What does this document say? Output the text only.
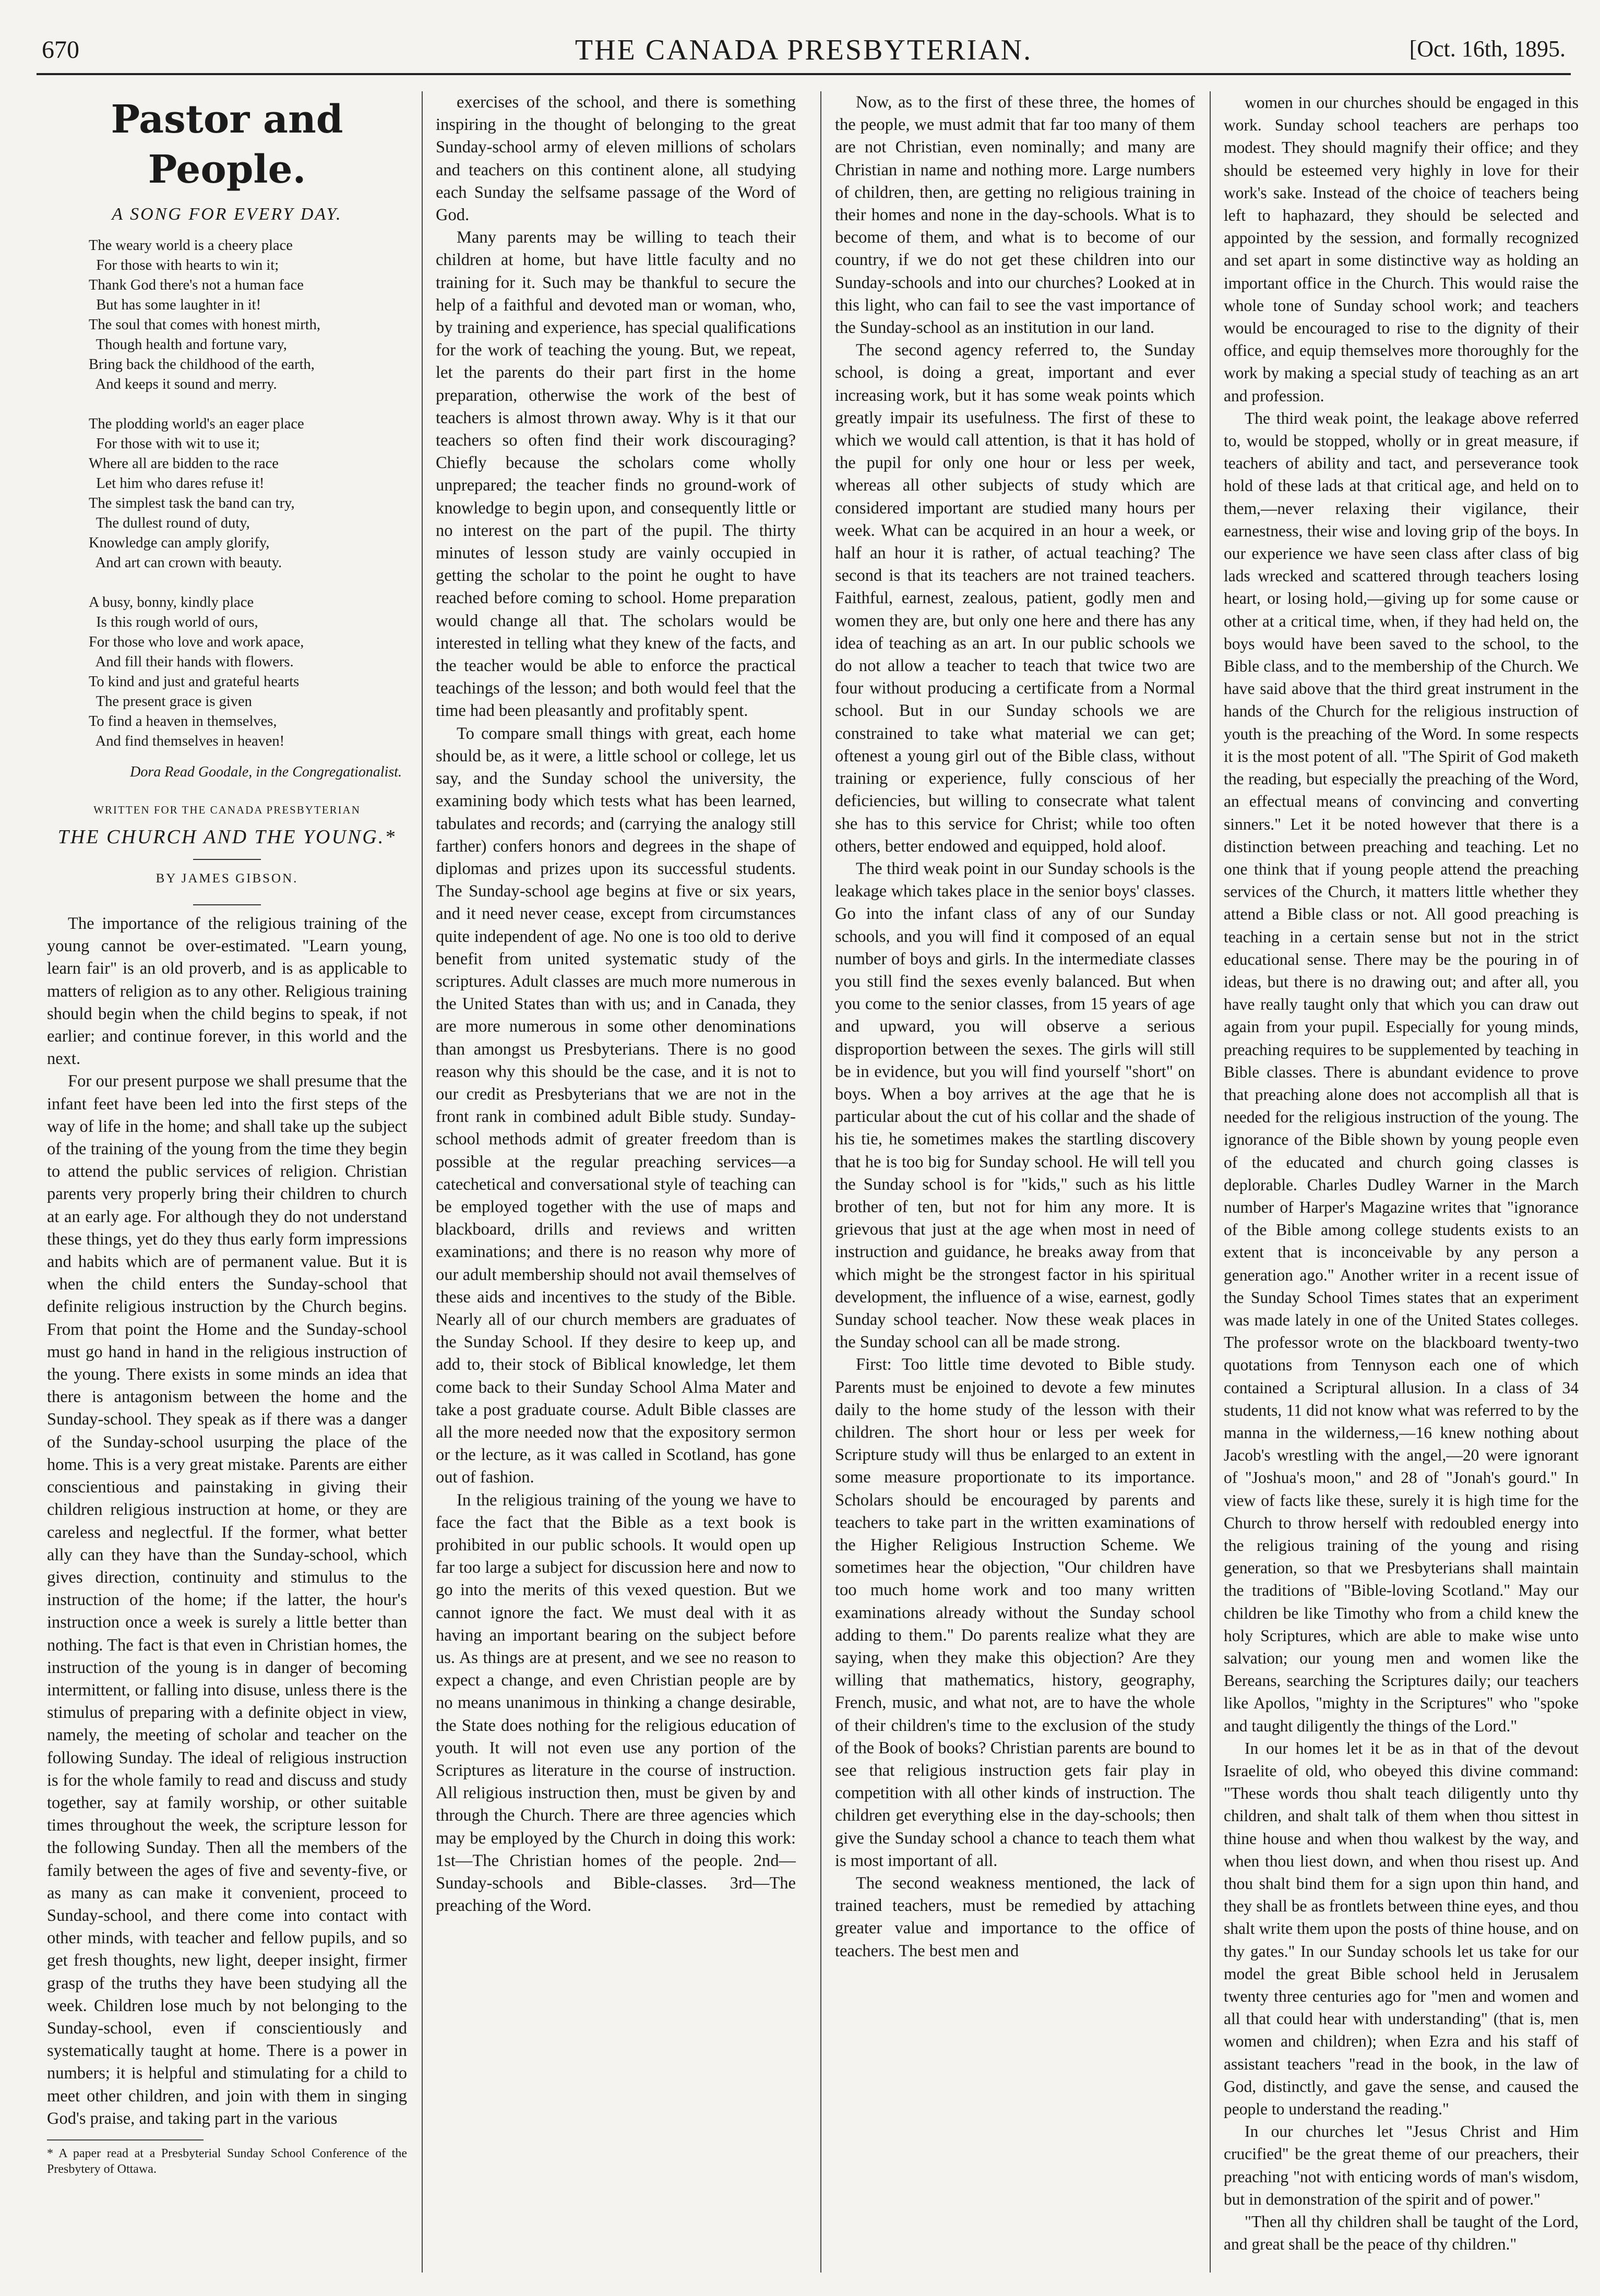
670	THE CANADA PRESBYTERIAN.	[Oct. 16th, 1895.
Pastor and People.
A SONG FOR EVERY DAY.
The weary world is a cheery place
For those with hearts to win it;
Thank God there's not a human face
But has some laughter in it!
The soul that comes with honest mirth,
Though health and fortune vary,
Bring back the childhood of the earth,
And keeps it sound and merry.

The plodding world's an eager place
For those with wit to use it;
Where all are bidden to the race
Let him who dares refuse it!
The simplest task the band can try,
The dullest round of duty,
Knowledge can amply glorify,
And art can crown with beauty.

A busy, bonny, kindly place
Is this rough world of ours,
For those who love and work apace,
And fill their hands with flowers.
To kind and just and grateful hearts
The present grace is given
To find a heaven in themselves,
And find themselves in heaven!
Dora Read Goodale, in the Congregationalist.
WRITTEN FOR THE CANADA PRESBYTERIAN
THE CHURCH AND THE YOUNG.*
BY JAMES GIBSON.

The importance of the religious training of the young cannot be over-estimated. "Learn young, learn fair" is an old proverb, and is as applicable to matters of religion as to any other. Religious training should begin when the child begins to speak, if not earlier; and continue forever, in this world and the next.

For our present purpose we shall presume that the infant feet have been led into the first steps of the way of life in the home; and shall take up the subject of the training of the young from the time they begin to attend the public services of religion. Christian parents very properly bring their children to church at an early age. For although they do not understand these things, yet do they thus early form impressions and habits which are of permanent value. But it is when the child enters the Sunday-school that definite religious instruction by the Church begins. From that point the Home and the Sunday-school must go hand in hand in the religious instruction of the young. There exists in some minds an idea that there is antagonism between the home and the Sunday-school. They speak as if there was a danger of the Sunday-school usurping the place of the home. This is a very great mistake. Parents are either conscientious and painstaking in giving their children religious instruction at home, or they are careless and neglectful. If the former, what better ally can they have than the Sunday-school, which gives direction, continuity and stimulus to the instruction of the home; if the latter, the hour's instruction once a week is surely a little better than nothing. The fact is that even in Christian homes, the instruction of the young is in danger of becoming intermittent, or falling into disuse, unless there is the stimulus of preparing with a definite object in view, namely, the meeting of scholar and teacher on the following Sunday. The ideal of religious instruction is for the whole family to read and discuss and study together, say at family worship, or other suitable times throughout the week, the scripture lesson for the following Sunday. Then all the members of the family between the ages of five and seventy-five, or as many as can make it convenient, proceed to Sunday-school, and there come into contact with other minds, with teacher and fellow pupils, and so get fresh thoughts, new light, deeper insight, firmer grasp of the truths they have been studying all the week. Children lose much by not belonging to the Sunday-school, even if conscientiously and systematically taught at home. There is a power in numbers; it is helpful and stimulating for a child to meet other children, and join with them in singing God's praise, and taking part in the various

* A paper read at a Presbyterial Sunday School Conference of the Presbytery of Ottawa.

exercises of the school, and there is something inspiring in the thought of belonging to the great Sunday-school army of eleven millions of scholars and teachers on this continent alone, all studying each Sunday the selfsame passage of the Word of God.

Many parents may be willing to teach their children at home, but have little faculty and no training for it. Such may be thankful to secure the help of a faithful and devoted man or woman, who, by training and experience, has special qualifications for the work of teaching the young. But, we repeat, let the parents do their part first in the home preparation, otherwise the work of the best of teachers is almost thrown away. Why is it that our teachers so often find their work discouraging? Chiefly because the scholars come wholly unprepared; the teacher finds no ground-work of knowledge to begin upon, and consequently little or no interest on the part of the pupil. The thirty minutes of lesson study are vainly occupied in getting the scholar to the point he ought to have reached before coming to school. Home preparation would change all that. The scholars would be interested in telling what they knew of the facts, and the teacher would be able to enforce the practical teachings of the lesson; and both would feel that the time had been pleasantly and profitably spent.

To compare small things with great, each home should be, as it were, a little school or college, let us say, and the Sunday school the university, the examining body which tests what has been learned, tabulates and records; and (carrying the analogy still farther) confers honors and degrees in the shape of diplomas and prizes upon its successful students. The Sunday-school age begins at five or six years, and it need never cease, except from circumstances quite independent of age. No one is too old to derive benefit from united systematic study of the scriptures. Adult classes are much more numerous in the United States than with us; and in Canada, they are more numerous in some other denominations than amongst us Presbyterians. There is no good reason why this should be the case, and it is not to our credit as Presbyterians that we are not in the front rank in combined adult Bible study. Sunday-school methods admit of greater freedom than is possible at the regular preaching services—a catechetical and conversational style of teaching can be employed together with the use of maps and blackboard, drills and reviews and written examinations; and there is no reason why more of our adult membership should not avail themselves of these aids and incentives to the study of the Bible. Nearly all of our church members are graduates of the Sunday School. If they desire to keep up, and add to, their stock of Biblical knowledge, let them come back to their Sunday School Alma Mater and take a post graduate course. Adult Bible classes are all the more needed now that the expository sermon or the lecture, as it was called in Scotland, has gone out of fashion.

In the religious training of the young we have to face the fact that the Bible as a text book is prohibited in our public schools. It would open up far too large a subject for discussion here and now to go into the merits of this vexed question. But we cannot ignore the fact. We must deal with it as having an important bearing on the subject before us. As things are at present, and we see no reason to expect a change, and even Christian people are by no means unanimous in thinking a change desirable, the State does nothing for the religious education of youth. It will not even use any portion of the Scriptures as literature in the course of instruction. All religious instruction then, must be given by and through the Church. There are three agencies which may be employed by the Church in doing this work: 1st—The Christian homes of the people. 2nd—Sunday-schools and Bible-classes. 3rd—The preaching of the Word.

Now, as to the first of these three, the homes of the people, we must admit that far too many of them are not Christian, even nominally; and many are Christian in name and nothing more. Large numbers of children, then, are getting no religious training in their homes and none in the day-schools. What is to become of them, and what is to become of our country, if we do not get these children into our Sunday-schools and into our churches? Looked at in this light, who can fail to see the vast importance of the Sunday-school as an institution in our land.

The second agency referred to, the Sunday school, is doing a great, important and ever increasing work, but it has some weak points which greatly impair its usefulness. The first of these to which we would call attention, is that it has hold of the pupil for only one hour or less per week, whereas all other subjects of study which are considered important are studied many hours per week. What can be acquired in an hour a week, or half an hour it is rather, of actual teaching? The second is that its teachers are not trained teachers. Faithful, earnest, zealous, patient, godly men and women they are, but only one here and there has any idea of teaching as an art. In our public schools we do not allow a teacher to teach that twice two are four without producing a certificate from a Normal school. But in our Sunday schools we are constrained to take what material we can get; oftenest a young girl out of the Bible class, without training or experience, fully conscious of her deficiencies, but willing to consecrate what talent she has to this service for Christ; while too often others, better endowed and equipped, hold aloof.

The third weak point in our Sunday schools is the leakage which takes place in the senior boys' classes. Go into the infant class of any of our Sunday schools, and you will find it composed of an equal number of boys and girls. In the intermediate classes you still find the sexes evenly balanced. But when you come to the senior classes, from 15 years of age and upward, you will observe a serious disproportion between the sexes. The girls will still be in evidence, but you will find yourself "short" on boys. When a boy arrives at the age that he is particular about the cut of his collar and the shade of his tie, he sometimes makes the startling discovery that he is too big for Sunday school. He will tell you the Sunday school is for "kids," such as his little brother of ten, but not for him any more. It is grievous that just at the age when most in need of instruction and guidance, he breaks away from that which might be the strongest factor in his spiritual development, the influence of a wise, earnest, godly Sunday school teacher. Now these weak places in the Sunday school can all be made strong.

First: Too little time devoted to Bible study. Parents must be enjoined to devote a few minutes daily to the home study of the lesson with their children. The short hour or less per week for Scripture study will thus be enlarged to an extent in some measure proportionate to its importance. Scholars should be encouraged by parents and teachers to take part in the written examinations of the Higher Religious Instruction Scheme. We sometimes hear the objection, "Our children have too much home work and too many written examinations already without the Sunday school adding to them." Do parents realize what they are saying, when they make this objection? Are they willing that mathematics, history, geography, French, music, and what not, are to have the whole of their children's time to the exclusion of the study of the Book of books? Christian parents are bound to see that religious instruction gets fair play in competition with all other kinds of instruction. The children get everything else in the day-schools; then give the Sunday school a chance to teach them what is most important of all.

The second weakness mentioned, the lack of trained teachers, must be remedied by attaching greater value and importance to the office of teachers. The best men and

women in our churches should be engaged in this work. Sunday school teachers are perhaps too modest. They should magnify their office; and they should be esteemed very highly in love for their work's sake. Instead of the choice of teachers being left to haphazard, they should be selected and appointed by the session, and formally recognized and set apart in some distinctive way as holding an important office in the Church. This would raise the whole tone of Sunday school work; and teachers would be encouraged to rise to the dignity of their office, and equip themselves more thoroughly for the work by making a special study of teaching as an art and profession.

The third weak point, the leakage above referred to, would be stopped, wholly or in great measure, if teachers of ability and tact, and perseverance took hold of these lads at that critical age, and held on to them,—never relaxing their vigilance, their earnestness, their wise and loving grip of the boys. In our experience we have seen class after class of big lads wrecked and scattered through teachers losing heart, or losing hold,—giving up for some cause or other at a critical time, when, if they had held on, the boys would have been saved to the school, to the Bible class, and to the membership of the Church. We have said above that the third great instrument in the hands of the Church for the religious instruction of youth is the preaching of the Word. In some respects it is the most potent of all. "The Spirit of God maketh the reading, but especially the preaching of the Word, an effectual means of convincing and converting sinners." Let it be noted however that there is a distinction between preaching and teaching. Let no one think that if young people attend the preaching services of the Church, it matters little whether they attend a Bible class or not. All good preaching is teaching in a certain sense but not in the strict educational sense. There may be the pouring in of ideas, but there is no drawing out; and after all, you have really taught only that which you can draw out again from your pupil. Especially for young minds, preaching requires to be supplemented by teaching in Bible classes. There is abundant evidence to prove that preaching alone does not accomplish all that is needed for the religious instruction of the young. The ignorance of the Bible shown by young people even of the educated and church going classes is deplorable. Charles Dudley Warner in the March number of Harper's Magazine writes that "ignorance of the Bible among college students exists to an extent that is inconceivable by any person a generation ago." Another writer in a recent issue of the Sunday School Times states that an experiment was made lately in one of the United States colleges. The professor wrote on the blackboard twenty-two quotations from Tennyson each one of which contained a Scriptural allusion. In a class of 34 students, 11 did not know what was referred to by the manna in the wilderness,—16 knew nothing about Jacob's wrestling with the angel,—20 were ignorant of "Joshua's moon," and 28 of "Jonah's gourd." In view of facts like these, surely it is high time for the Church to throw herself with redoubled energy into the religious training of the young and rising generation, so that we Presbyterians shall maintain the traditions of "Bible-loving Scotland." May our children be like Timothy who from a child knew the holy Scriptures, which are able to make wise unto salvation; our young men and women like the Bereans, searching the Scriptures daily; our teachers like Apollos, "mighty in the Scriptures" who "spoke and taught diligently the things of the Lord."

In our homes let it be as in that of the devout Israelite of old, who obeyed this divine command: "These words thou shalt teach diligently unto thy children, and shalt talk of them when thou sittest in thine house and when thou walkest by the way, and when thou liest down, and when thou risest up. And thou shalt bind them for a sign upon thin hand, and they shall be as frontlets between thine eyes, and thou shalt write them upon the posts of thine house, and on thy gates." In our Sunday schools let us take for our model the great Bible school held in Jerusalem twenty three centuries ago for "men and women and all that could hear with understanding" (that is, men women and children); when Ezra and his staff of assistant teachers "read in the book, in the law of God, distinctly, and gave the sense, and caused the people to understand the reading."

In our churches let "Jesus Christ and Him crucified" be the great theme of our preachers, their preaching "not with enticing words of man's wisdom, but in demonstration of the spirit and of power."

"Then all thy children shall be taught of the Lord, and great shall be the peace of thy children."
